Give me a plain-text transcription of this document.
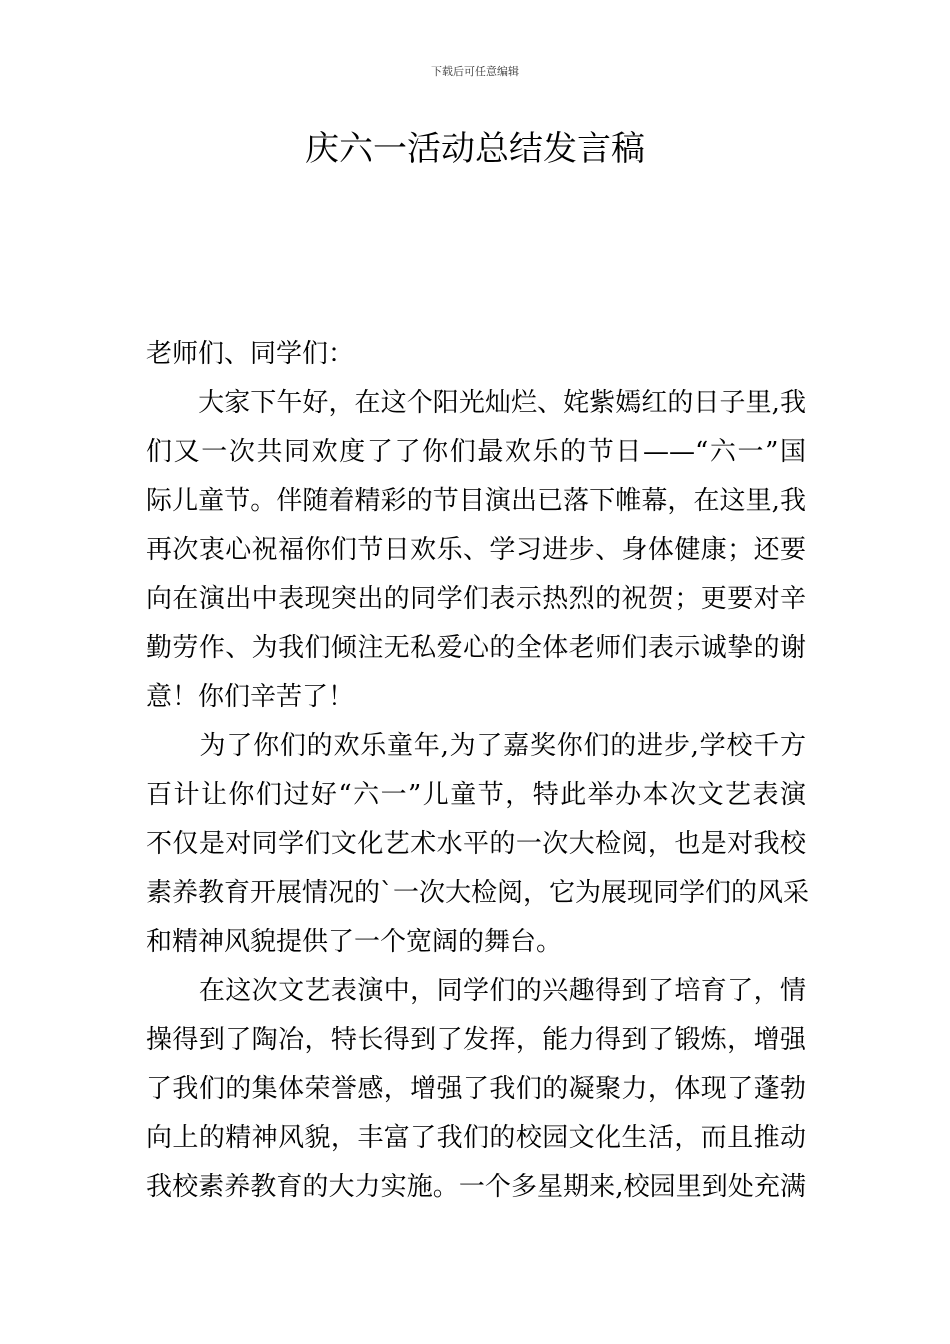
下载后可任意编辑
庆六一活动总结发言稿
老师们、同学们：
　　大家下午好，在这个阳光灿烂、姹紫嫣红的日子里,我
们又一次共同欢度了了你们最欢乐的节日——“六一”国
际儿童节。伴随着精彩的节目演出已落下帷幕，在这里,我
再次衷心祝福你们节日欢乐、学习进步、身体健康；还要
向在演出中表现突出的同学们表示热烈的祝贺；更要对辛
勤劳作、为我们倾注无私爱心的全体老师们表示诚挚的谢
意！你们辛苦了！
　　为了你们的欢乐童年,为了嘉奖你们的进步,学校千方
百计让你们过好“六一”儿童节，特此举办本次文艺表演
不仅是对同学们文化艺术水平的一次大检阅，也是对我校
素养教育开展情况的`一次大检阅，它为展现同学们的风采
和精神风貌提供了一个宽阔的舞台。
　　在这次文艺表演中，同学们的兴趣得到了培育了，情
操得到了陶冶，特长得到了发挥，能力得到了锻炼，增强
了我们的集体荣誉感，增强了我们的凝聚力，体现了蓬勃
向上的精神风貌，丰富了我们的校园文化生活，而且推动
我校素养教育的大力实施。一个多星期来,校园里到处充满
